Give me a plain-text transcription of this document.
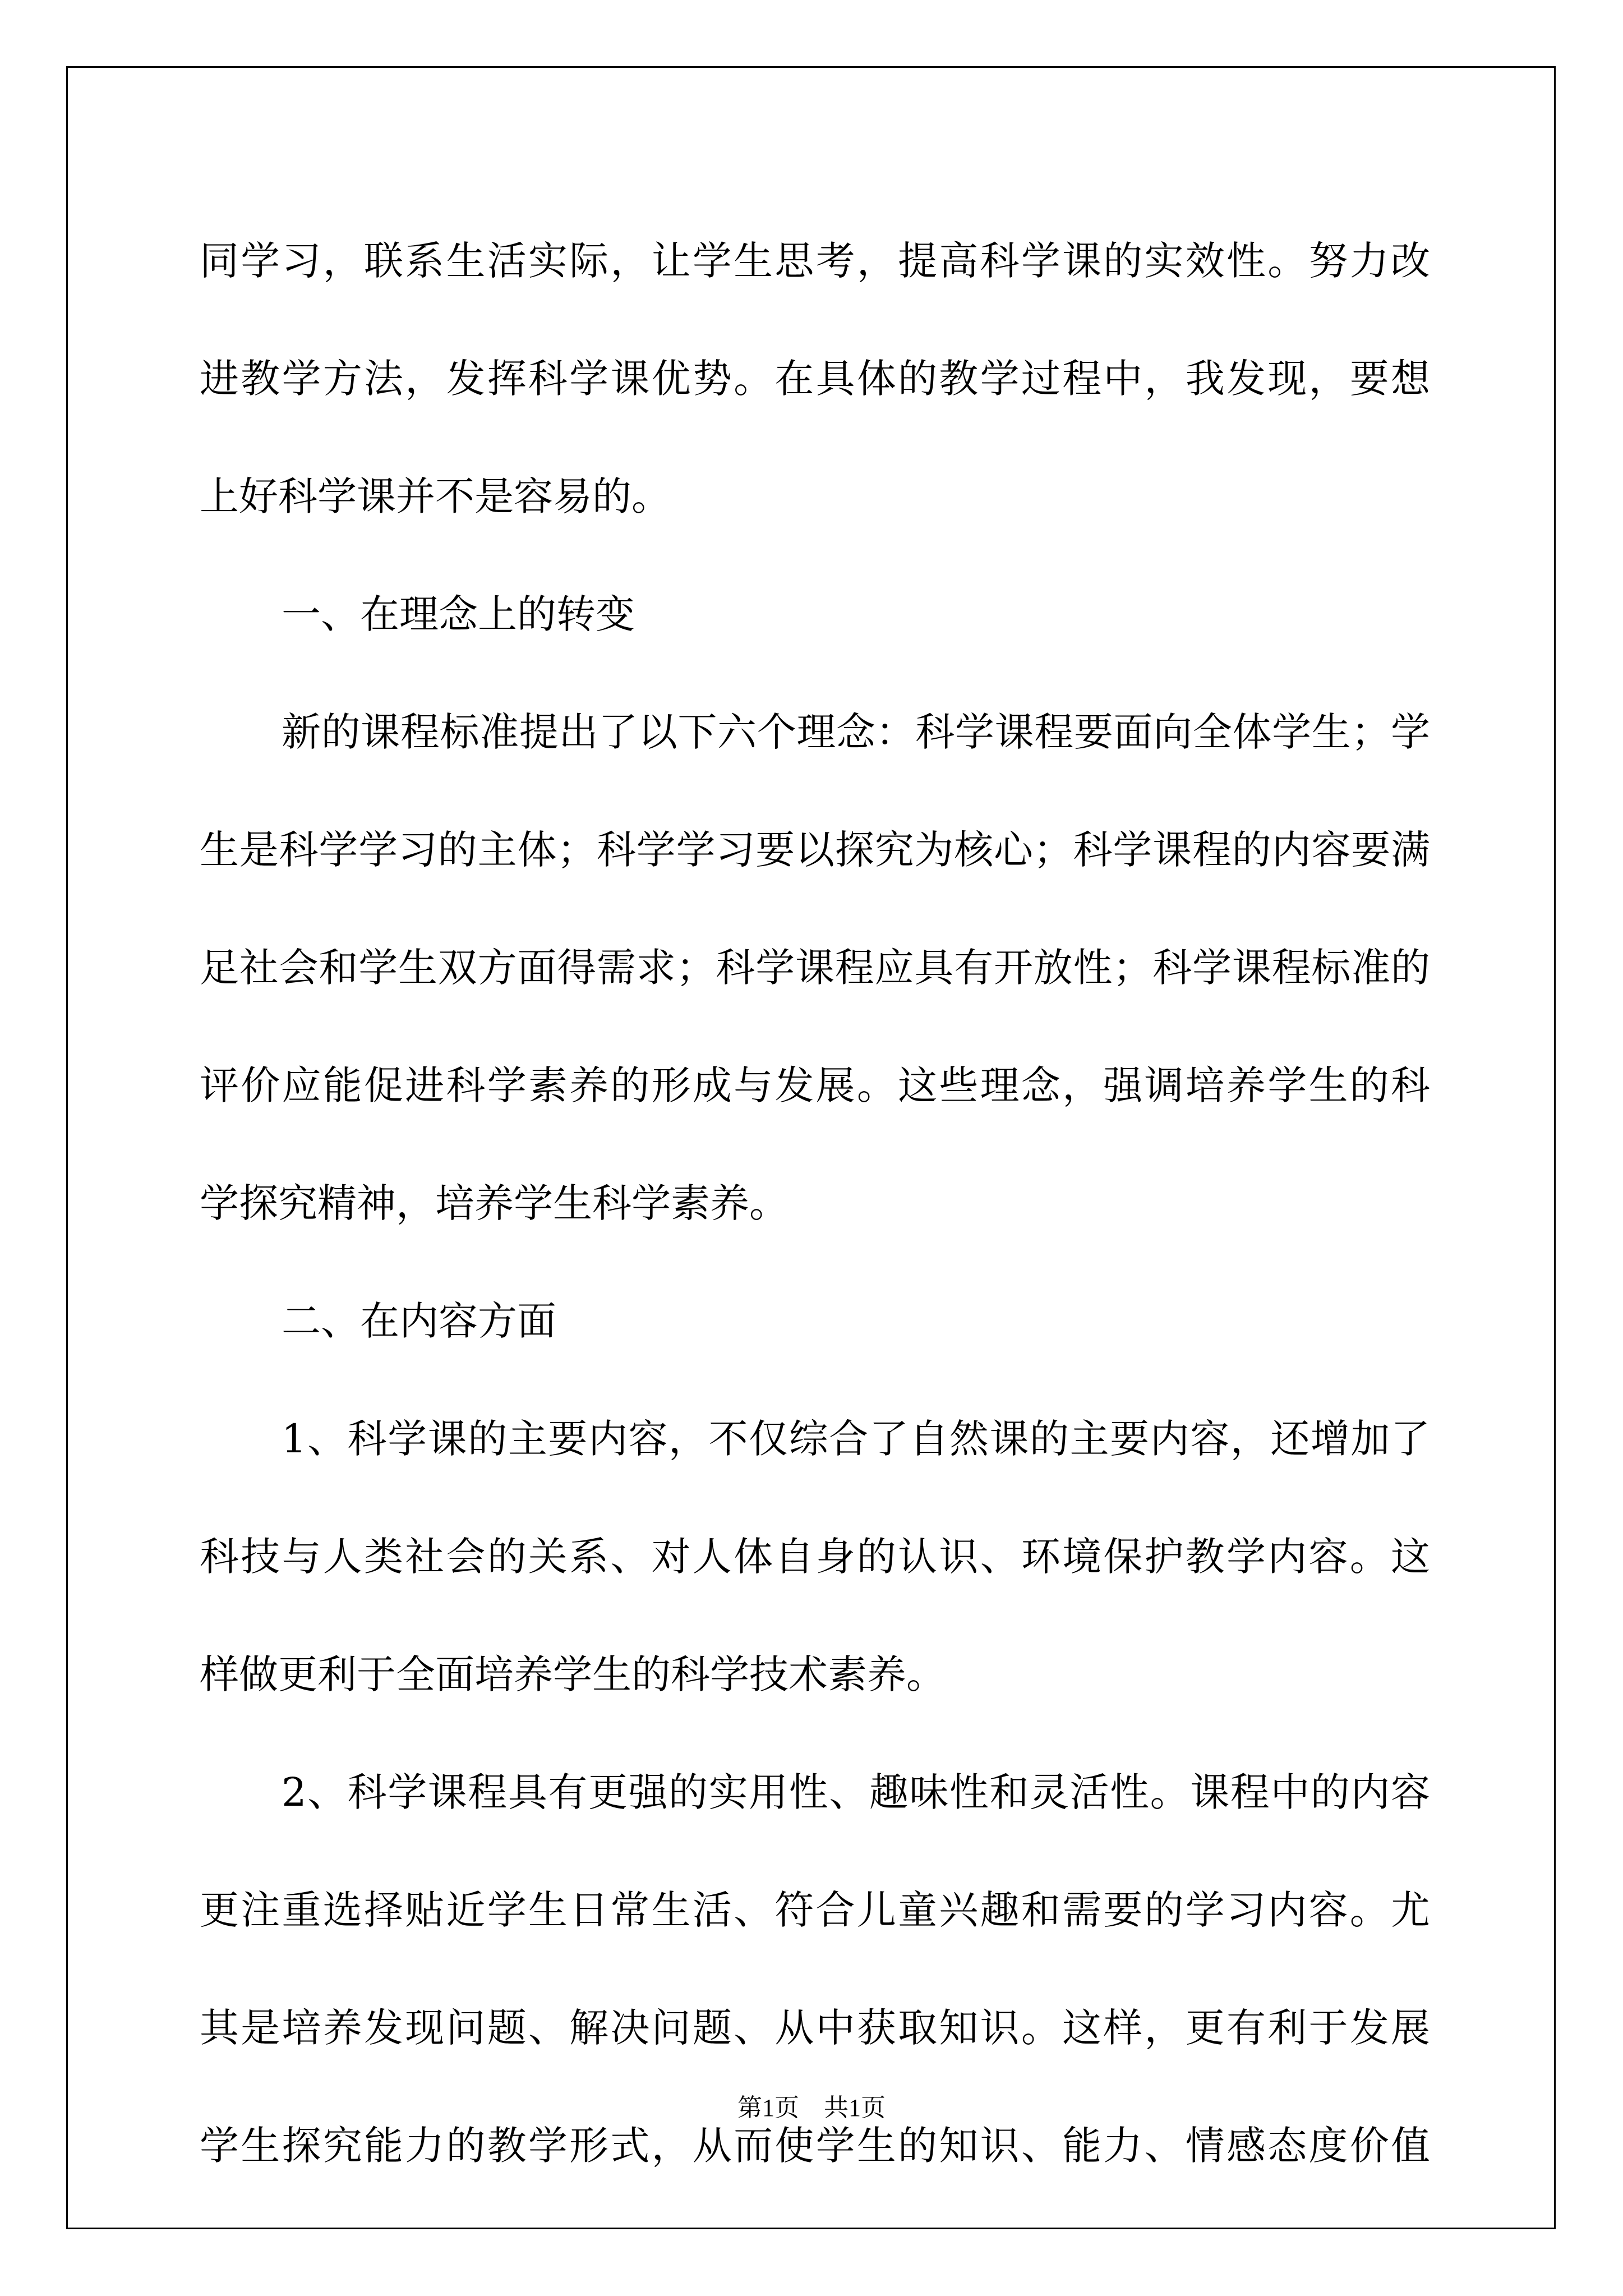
同学习，联系生活实际，让学生思考，提高科学课的实效性。努力改
进教学方法，发挥科学课优势。在具体的教学过程中，我发现，要想
上好科学课并不是容易的。
一、在理念上的转变
新的课程标准提出了以下六个理念：科学课程要面向全体学生；学
生是科学学习的主体；科学学习要以探究为核心；科学课程的内容要满
足社会和学生双方面得需求；科学课程应具有开放性；科学课程标准的
评价应能促进科学素养的形成与发展。这些理念，强调培养学生的科
学探究精神，培养学生科学素养。
二、在内容方面
1、科学课的主要内容，不仅综合了自然课的主要内容，还增加了
科技与人类社会的关系、对人体自身的认识、环境保护教学内容。这
样做更利于全面培养学生的科学技术素养。
2、科学课程具有更强的实用性、趣味性和灵活性。课程中的内容
更注重选择贴近学生日常生活、符合儿童兴趣和需要的学习内容。尤
其是培养发现问题、解决问题、从中获取知识。这样，更有利于发展
学生探究能力的教学形式，从而使学生的知识、能力、情感态度价值
第1页 共1页
